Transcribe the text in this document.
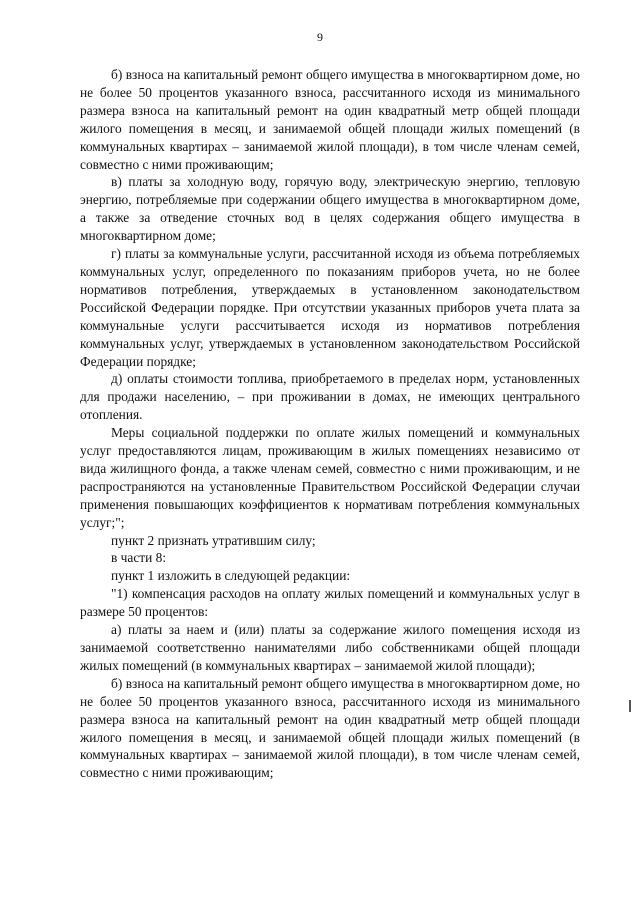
9

б) взноса на капитальный ремонт общего имущества в многоквартирном доме, но не более 50 процентов указанного взноса, рассчитанного исходя из минимального размера взноса на капитальный ремонт на один квадратный метр общей площади жилого помещения в месяц, и занимаемой общей площади жилых помещений (в коммунальных квартирах – занимаемой жилой площади), в том числе членам семей, совместно с ними проживающим;

в) платы за холодную воду, горячую воду, электрическую энергию, тепловую энергию, потребляемые при содержании общего имущества в многоквартирном доме, а также за отведение сточных вод в целях содержания общего имущества в многоквартирном доме;

г) платы за коммунальные услуги, рассчитанной исходя из объема потребляемых коммунальных услуг, определенного по показаниям приборов учета, но не более нормативов потребления, утверждаемых в установленном законодательством Российской Федерации порядке. При отсутствии указанных приборов учета плата за коммунальные услуги рассчитывается исходя из нормативов потребления коммунальных услуг, утверждаемых в установленном законодательством Российской Федерации порядке;

д) оплаты стоимости топлива, приобретаемого в пределах норм, установленных для продажи населению, – при проживании в домах, не имеющих центрального отопления.

Меры социальной поддержки по оплате жилых помещений и коммунальных услуг предоставляются лицам, проживающим в жилых помещениях независимо от вида жилищного фонда, а также членам семей, совместно с ними проживающим, и не распространяются на установленные Правительством Российской Федерации случаи применения повышающих коэффициентов к нормативам потребления коммунальных услуг;";

пункт 2 признать утратившим силу;

в части 8:

пункт 1 изложить в следующей редакции:

"1) компенсация расходов на оплату жилых помещений и коммунальных услуг в размере 50 процентов:

а) платы за наем и (или) платы за содержание жилого помещения исходя из занимаемой соответственно нанимателями либо собственниками общей площади жилых помещений (в коммунальных квартирах – занимаемой жилой площади);

б) взноса на капитальный ремонт общего имущества в многоквартирном доме, но не более 50 процентов указанного взноса, рассчитанного исходя из минимального размера взноса на капитальный ремонт на один квадратный метр общей площади жилого помещения в месяц, и занимаемой общей площади жилых помещений (в коммунальных квартирах – занимаемой жилой площади), в том числе членам семей, совместно с ними проживающим;
